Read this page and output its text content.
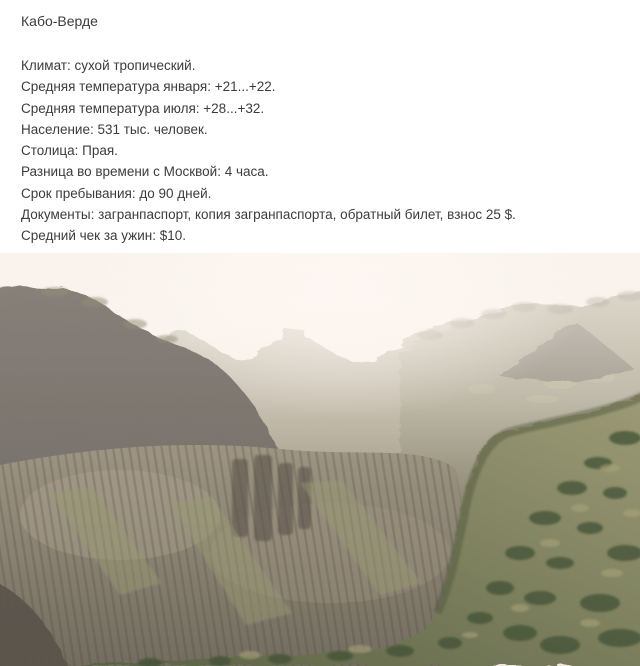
Кабо-Верде

Климат: сухой тропический.

Средняя температура января: +21...+22.

Средняя температура июля: +28...+32.

Население: 531 тыс. человек.

Столица: Прая.

Разница во времени с Москвой: 4 часа.

Срок пребывания: до 90 дней.

Документы: загранпаспорт, копия загранпаспорта, обратный билет, взнос 25 $.

Средний чек за ужин: $10.
